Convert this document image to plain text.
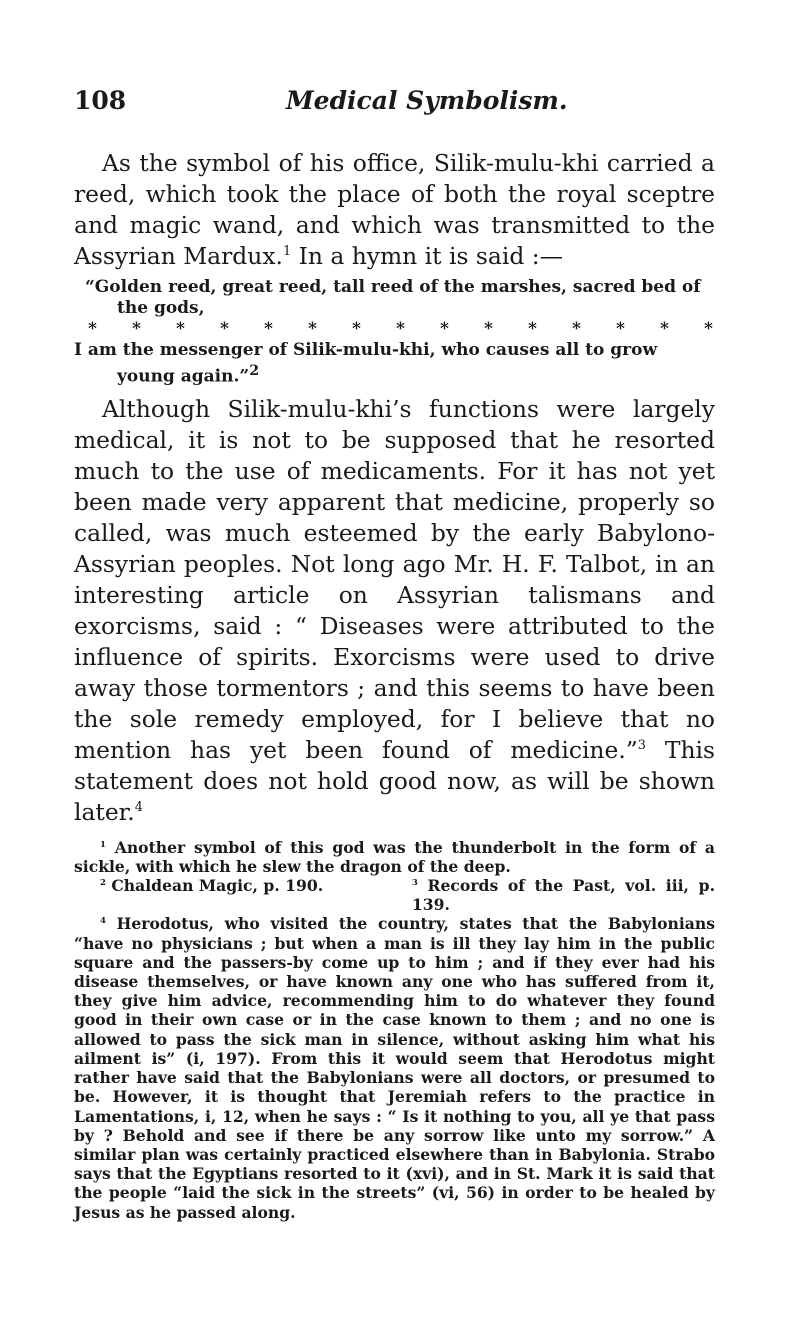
108	Medical Symbolism.

As the symbol of his office, Silik-mulu-khi carried a reed, which took the place of both the royal sceptre and magic wand, and which was transmitted to the Assyrian Mardux.$^1$ In a hymn it is said :—

“Golden reed, great reed, tall reed of the marshes, sacred bed of the gods,

* * * * * * * * * * * * * * *

I am the messenger of Silik-mulu-khi, who causes all to grow young again.”$^2$

Although Silik-mulu-khi’s functions were largely medical, it is not to be supposed that he resorted much to the use of medicaments. For it has not yet been made very apparent that medicine, properly so called, was much esteemed by the early Babylono-Assyrian peoples. Not long ago Mr. H. F. Talbot, in an interesting article on Assyrian talismans and exorcisms, said : “ Diseases were attributed to the influence of spirits. Exorcisms were used to drive away those tormentors ; and this seems to have been the sole remedy employed, for I believe that no mention has yet been found of medicine.”$^3$ This statement does not hold good now, as will be shown later.$^4$

$^1$ Another symbol of this god was the thunderbolt in the form of a sickle, with which he slew the dragon of the deep.

$^2$ Chaldean Magic, p. 190.	$^3$ Records of the Past, vol. iii, p. 139.

$^4$ Herodotus, who visited the country, states that the Babylonians “have no physicians ; but when a man is ill they lay him in the public square and the passers-by come up to him ; and if they ever had his disease themselves, or have known any one who has suffered from it, they give him advice, recommending him to do whatever they found good in their own case or in the case known to them ; and no one is allowed to pass the sick man in silence, without asking him what his ailment is” (i, 197). From this it would seem that Herodotus might rather have said that the Babylonians were all doctors, or presumed to be. However, it is thought that Jeremiah refers to the practice in Lamentations, i, 12, when he says : “ Is it nothing to you, all ye that pass by ? Behold and see if there be any sorrow like unto my sorrow.” A similar plan was certainly practiced elsewhere than in Babylonia. Strabo says that the Egyptians resorted to it (xvi), and in St. Mark it is said that the people “laid the sick in the streets” (vi, 56) in order to be healed by Jesus as he passed along.
